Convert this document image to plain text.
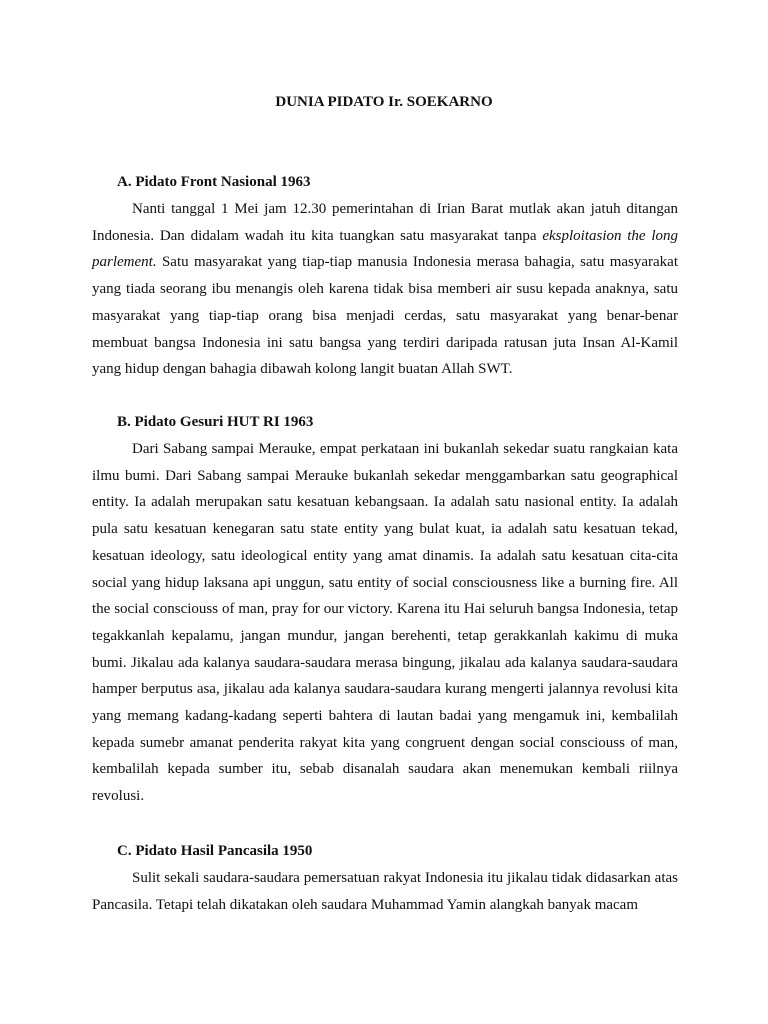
DUNIA PIDATO Ir. SOEKARNO
A. Pidato Front Nasional 1963

Nanti tanggal 1 Mei jam 12.30 pemerintahan di Irian Barat mutlak akan jatuh ditangan Indonesia. Dan didalam wadah itu kita tuangkan satu masyarakat tanpa eksploitasion the long parlement. Satu masyarakat yang tiap-tiap manusia Indonesia merasa bahagia, satu masyarakat yang tiada seorang ibu menangis oleh karena tidak bisa memberi air susu kepada anaknya, satu masyarakat yang tiap-tiap orang bisa menjadi cerdas, satu masyarakat yang benar-benar membuat bangsa Indonesia ini satu bangsa yang terdiri daripada ratusan juta Insan Al-Kamil yang hidup dengan bahagia dibawah kolong langit buatan Allah SWT.

B. Pidato Gesuri HUT RI 1963

Dari Sabang sampai Merauke, empat perkataan ini bukanlah sekedar suatu rangkaian kata ilmu bumi. Dari Sabang sampai Merauke bukanlah sekedar menggambarkan satu geographical entity. Ia adalah merupakan satu kesatuan kebangsaan. Ia adalah satu nasional entity. Ia adalah pula satu kesatuan kenegaran satu state entity yang bulat kuat, ia adalah satu kesatuan tekad, kesatuan ideology, satu ideological entity yang amat dinamis. Ia adalah satu kesatuan cita-cita social yang hidup laksana api unggun, satu entity of social consciousness like a burning fire. All the social consciouss of man, pray for our victory. Karena itu Hai seluruh bangsa Indonesia, tetap tegakkanlah kepalamu, jangan mundur, jangan berehenti, tetap gerakkanlah kakimu di muka bumi. Jikalau ada kalanya saudara-saudara merasa bingung, jikalau ada kalanya saudara-saudara hamper berputus asa, jikalau ada kalanya saudara-saudara kurang mengerti jalannya revolusi kita yang memang kadang-kadang seperti bahtera di lautan badai yang mengamuk ini, kembalilah kepada sumebr amanat penderita rakyat kita yang congruent dengan social consciouss of man, kembalilah kepada sumber itu, sebab disanalah saudara akan menemukan kembali riilnya revolusi.

C. Pidato Hasil Pancasila 1950

Sulit sekali saudara-saudara pemersatuan rakyat Indonesia itu jikalau tidak didasarkan atas Pancasila. Tetapi telah dikatakan oleh saudara Muhammad Yamin alangkah banyak macam
